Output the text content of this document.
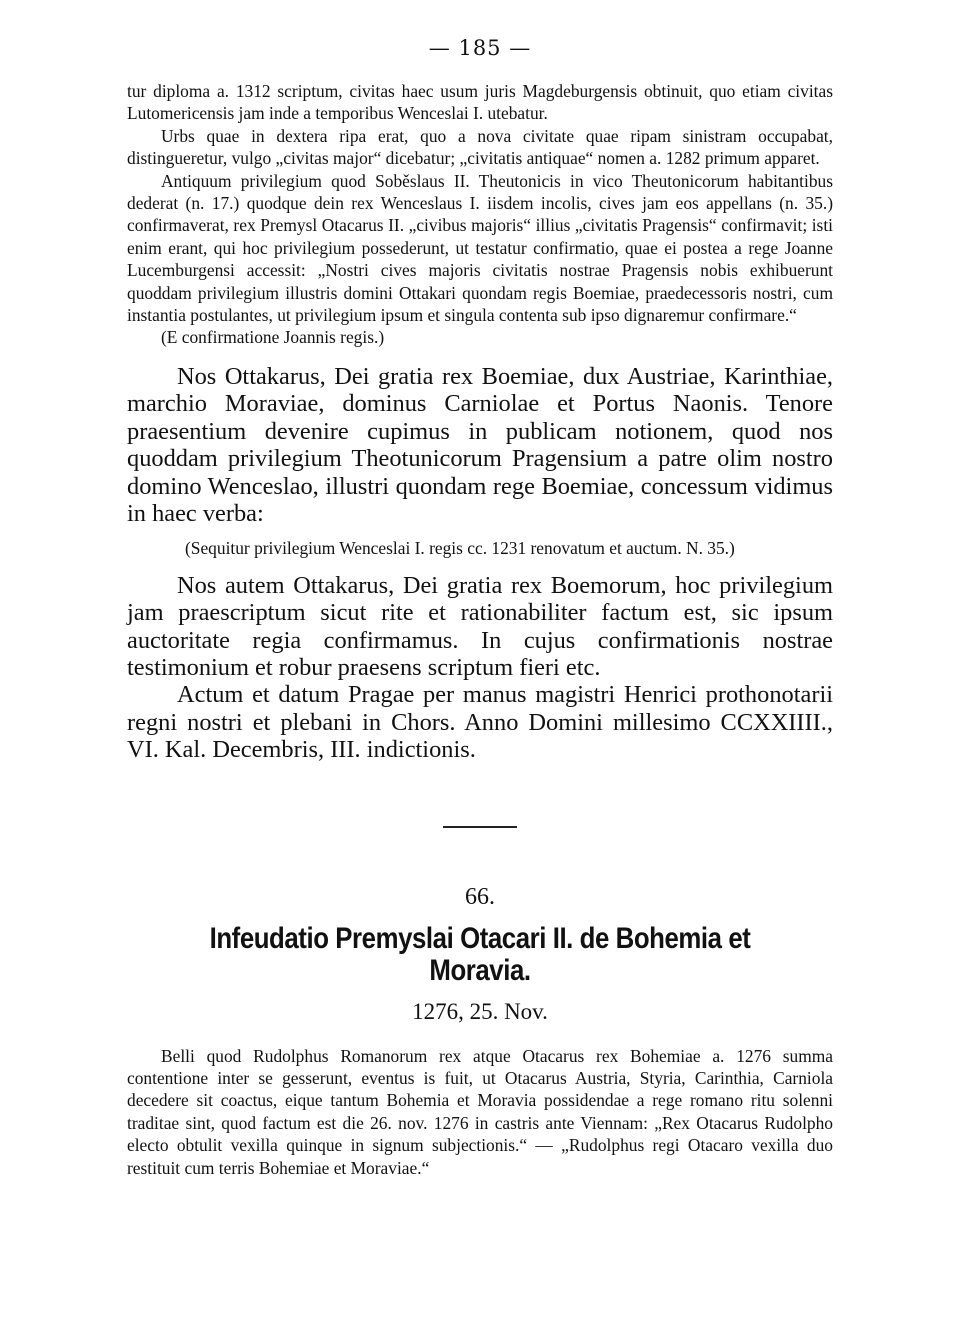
— 185 —

tur diploma a. 1312 scriptum, civitas haec usum juris Magdeburgensis obtinuit, quo etiam civitas Lutomericensis jam inde a temporibus Wenceslai I. utebatur.

Urbs quae in dextera ripa erat, quo a nova civitate quae ripam sinistram occupabat, distingueretur, vulgo „civitas major“ dicebatur; „civitatis antiquae“ nomen a. 1282 primum apparet.

Antiquum privilegium quod Soběslaus II. Theutonicis in vico Theutonicorum habitantibus dederat (n. 17.) quodque dein rex Wenceslaus I. iisdem incolis, cives jam eos appellans (n. 35.) confirmaverat, rex Premysl Otacarus II. „civibus majoris“ illius „civitatis Pragensis“ confirmavit; isti enim erant, qui hoc privilegium possederunt, ut testatur confirmatio, quae ei postea a rege Joanne Lucemburgensi accessit: „Nostri cives majoris civitatis nostrae Pragensis nobis exhibuerunt quoddam privilegium illustris domini Ottakari quondam regis Boemiae, praedecessoris nostri, cum instantia postulantes, ut privilegium ipsum et singula contenta sub ipso dignaremur confirmare.“

(E confirmatione Joannis regis.)

Nos Ottakarus, Dei gratia rex Boemiae, dux Austriae, Karinthiae, marchio Moraviae, dominus Carniolae et Portus Naonis. Tenore praesentium devenire cupimus in publicam notionem, quod nos quoddam privilegium Theotunicorum Pragensium a patre olim nostro domino Wenceslao, illustri quondam rege Boemiae, concessum vidimus in haec verba:

(Sequitur privilegium Wenceslai I. regis cc. 1231 renovatum et auctum. N. 35.)

Nos autem Ottakarus, Dei gratia rex Boemorum, hoc privilegium jam praescriptum sicut rite et rationabiliter factum est, sic ipsum auctoritate regia confirmamus. In cujus confirmationis nostrae testimonium et robur praesens scriptum fieri etc.

Actum et datum Pragae per manus magistri Henrici prothonotarii regni nostri et plebani in Chors. Anno Domini millesimo CCXXIIII., VI. Kal. Decembris, III. indictionis.

66.
Infeudatio Premyslai Otacari II. de Bohemia et Moravia.
1276, 25. Nov.

Belli quod Rudolphus Romanorum rex atque Otacarus rex Bohemiae a. 1276 summa contentione inter se gesserunt, eventus is fuit, ut Otacarus Austria, Styria, Carinthia, Carniola decedere sit coactus, eique tantum Bohemia et Moravia possidendae a rege romano ritu solenni traditae sint, quod factum est die 26. nov. 1276 in castris ante Viennam: „Rex Otacarus Rudolpho electo obtulit vexilla quinque in signum subjectionis.“ — „Rudolphus regi Otacaro vexilla duo restituit cum terris Bohemiae et Moraviae.“
